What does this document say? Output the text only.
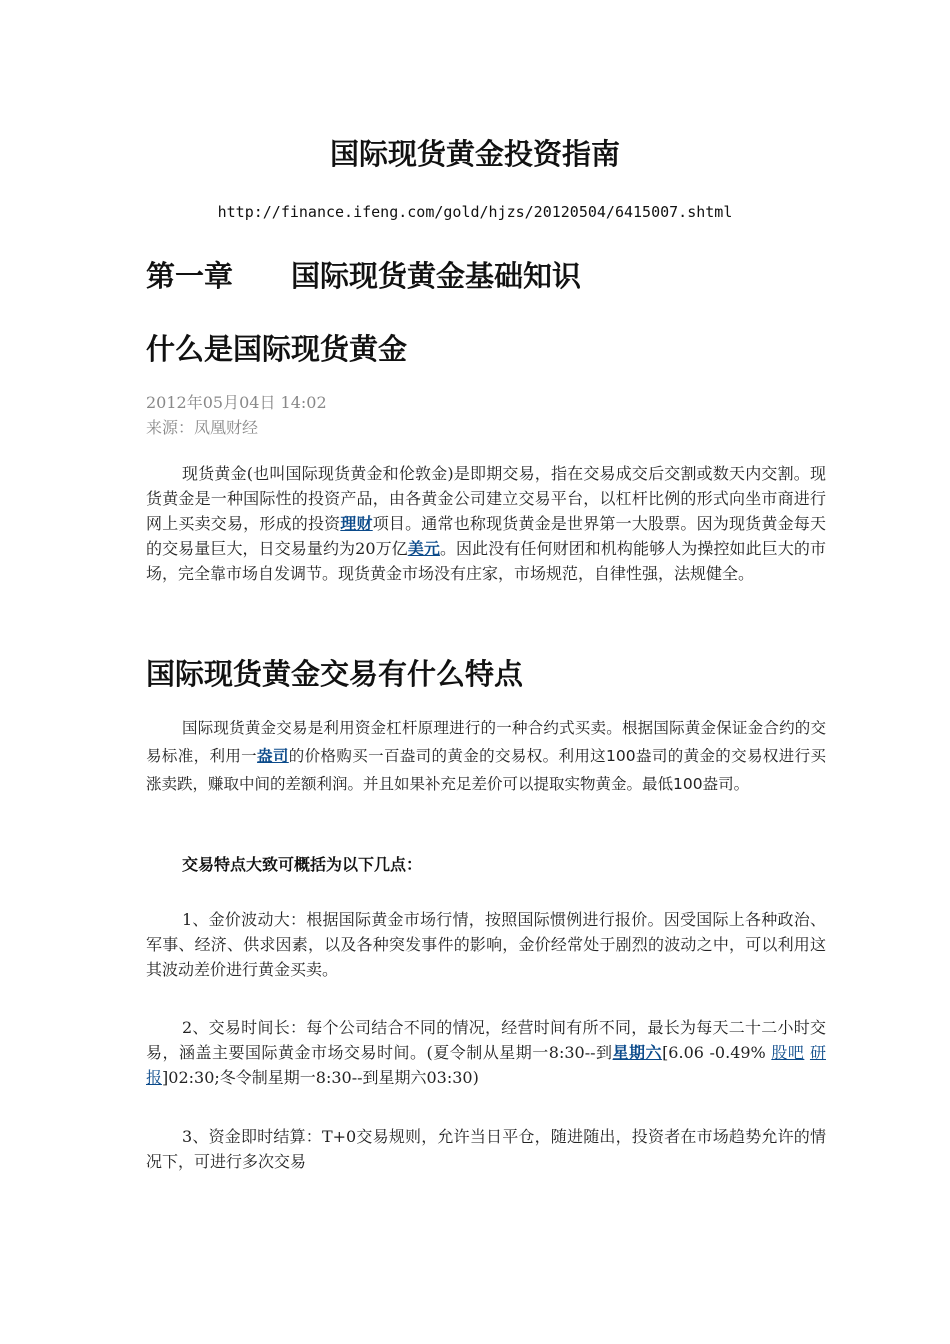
国际现货黄金投资指南
http://finance.ifeng.com/gold/hjzs/20120504/6415007.shtml
第一章　　国际现货黄金基础知识
什么是国际现货黄金
2012年05月04日 14:02
来源：凤凰财经

现货黄金(也叫国际现货黄金和伦敦金)是即期交易，指在交易成交后交割或数天内交割。现货黄金是一种国际性的投资产品，由各黄金公司建立交易平台，以杠杆比例的形式向坐市商进行网上买卖交易，形成的投资理财项目。通常也称现货黄金是世界第一大股票。因为现货黄金每天的交易量巨大，日交易量约为20万亿美元。因此没有任何财团和机构能够人为操控如此巨大的市场，完全靠市场自发调节。现货黄金市场没有庄家，市场规范，自律性强，法规健全。

国际现货黄金交易有什么特点

国际现货黄金交易是利用资金杠杆原理进行的一种合约式买卖。根据国际黄金保证金合约的交易标准，利用一盎司的价格购买一百盎司的黄金的交易权。利用这100盎司的黄金的交易权进行买涨卖跌，赚取中间的差额利润。并且如果补充足差价可以提取实物黄金。最低100盎司。

交易特点大致可概括为以下几点：

1、金价波动大：根据国际黄金市场行情，按照国际惯例进行报价。因受国际上各种政治、军事、经济、供求因素，以及各种突发事件的影响，金价经常处于剧烈的波动之中，可以利用这其波动差价进行黄金买卖。

2、交易时间长：每个公司结合不同的情况，经营时间有所不同，最长为每天二十二小时交易，涵盖主要国际黄金市场交易时间。(夏令制从星期一8:30--到星期六[6.06 -0.49% 股吧 研报]02:30;冬令制星期一8:30--到星期六03:30)

3、资金即时结算：T+0交易规则，允许当日平仓，随进随出，投资者在市场趋势允许的情况下，可进行多次交易
